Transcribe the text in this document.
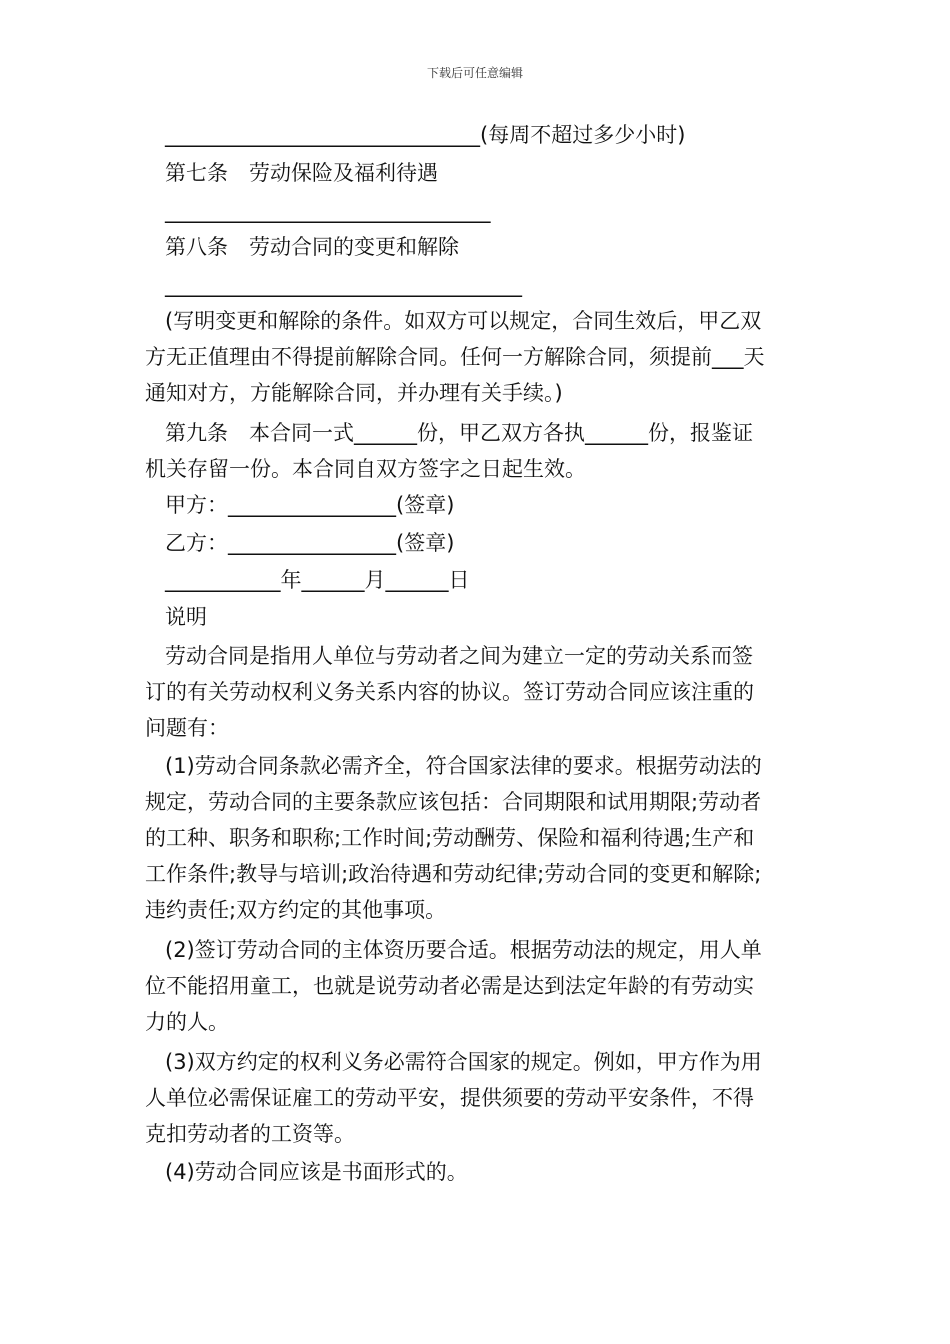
下载后可任意编辑
______________________________(每周不超过多少小时)
第七条　劳动保险及福利待遇
_______________________________
第八条　劳动合同的变更和解除
__________________________________
(写明变更和解除的条件。如双方可以规定，合同生效后，甲乙双
方无正值理由不得提前解除合同。任何一方解除合同，须提前___天
通知对方，方能解除合同，并办理有关手续。)
第九条　本合同一式______份，甲乙双方各执______份，报鉴证
机关存留一份。本合同自双方签字之日起生效。
甲方：________________(签章)
乙方：________________(签章)
___________年______月______日
说明
劳动合同是指用人单位与劳动者之间为建立一定的劳动关系而签
订的有关劳动权利义务关系内容的协议。签订劳动合同应该注重的
问题有：
(1)劳动合同条款必需齐全，符合国家法律的要求。根据劳动法的
规定，劳动合同的主要条款应该包括：合同期限和试用期限;劳动者
的工种、职务和职称;工作时间;劳动酬劳、保险和福利待遇;生产和
工作条件;教导与培训;政治待遇和劳动纪律;劳动合同的变更和解除;
违约责任;双方约定的其他事项。
(2)签订劳动合同的主体资历要合适。根据劳动法的规定，用人单
位不能招用童工，也就是说劳动者必需是达到法定年龄的有劳动实
力的人。
(3)双方约定的权利义务必需符合国家的规定。例如，甲方作为用
人单位必需保证雇工的劳动平安，提供须要的劳动平安条件，不得
克扣劳动者的工资等。
(4)劳动合同应该是书面形式的。
